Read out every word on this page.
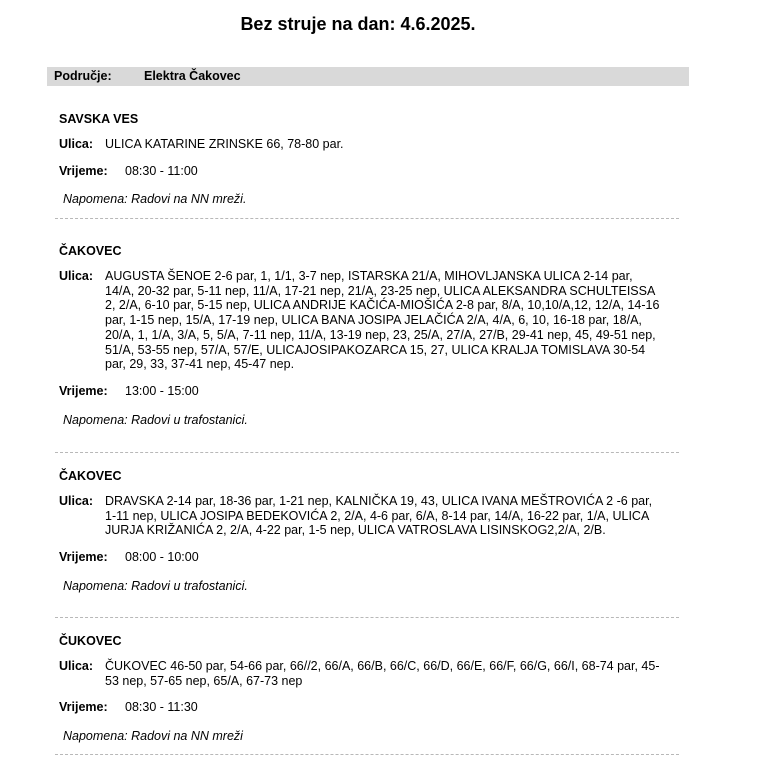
Bez struje na dan: 4.6.2025.
Područje:	Elektra Čakovec
SAVSKA VES
Ulica: ULICA KATARINE ZRINSKE 66, 78-80 par.
Vrijeme:	08:30 - 11:00
Napomena: Radovi na NN mreži.
ČAKOVEC
Ulica: AUGUSTA ŠENOE 2-6 par, 1, 1/1, 3-7 nep, ISTARSKA 21/A, MIHOVLJANSKA ULICA 2-14 par, 14/A, 20-32 par, 5-11 nep, 11/A, 17-21 nep, 21/A, 23-25 nep, ULICA ALEKSANDRA SCHULTEISSA 2, 2/A, 6-10 par, 5-15 nep, ULICA ANDRIJE KAČIĆA-MIOŠIĆA 2-8 par, 8/A, 10,10/A,12, 12/A, 14-16 par, 1-15 nep, 15/A, 17-19 nep, ULICA BANA JOSIPA JELAČIĆA 2/A, 4/A, 6, 10, 16-18 par, 18/A, 20/A, 1, 1/A, 3/A, 5, 5/A, 7-11 nep, 11/A, 13-19 nep, 23, 25/A, 27/A, 27/B, 29-41 nep, 45, 49-51 nep, 51/A, 53-55 nep, 57/A, 57/E, ULICAJOSIPAKOZARCA 15, 27, ULICA KRALJA TOMISLAVA 30-54 par, 29, 33, 37-41 nep, 45-47 nep.
Vrijeme:	13:00 - 15:00
Napomena: Radovi u trafostanici.
ČAKOVEC
Ulica: DRAVSKA 2-14 par, 18-36 par, 1-21 nep, KALNIČKA 19, 43, ULICA IVANA MEŠTROVIĆA 2 -6 par, 1-11 nep, ULICA JOSIPA BEDEKOVIĆA 2, 2/A, 4-6 par, 6/A, 8-14 par, 14/A, 16-22 par, 1/A, ULICA JURJA KRIŽANIĆA 2, 2/A, 4-22 par, 1-5 nep, ULICA VATROSLAVA LISINSKOG2,2/A, 2/B.
Vrijeme:	08:00 - 10:00
Napomena: Radovi u trafostanici.
ČUKOVEC
Ulica: ČUKOVEC 46-50 par, 54-66 par, 66//2, 66/A, 66/B, 66/C, 66/D, 66/E, 66/F, 66/G, 66/I, 68-74 par, 45-53 nep, 57-65 nep, 65/A, 67-73 nep
Vrijeme:	08:30 - 11:30
Napomena: Radovi na NN mreži
